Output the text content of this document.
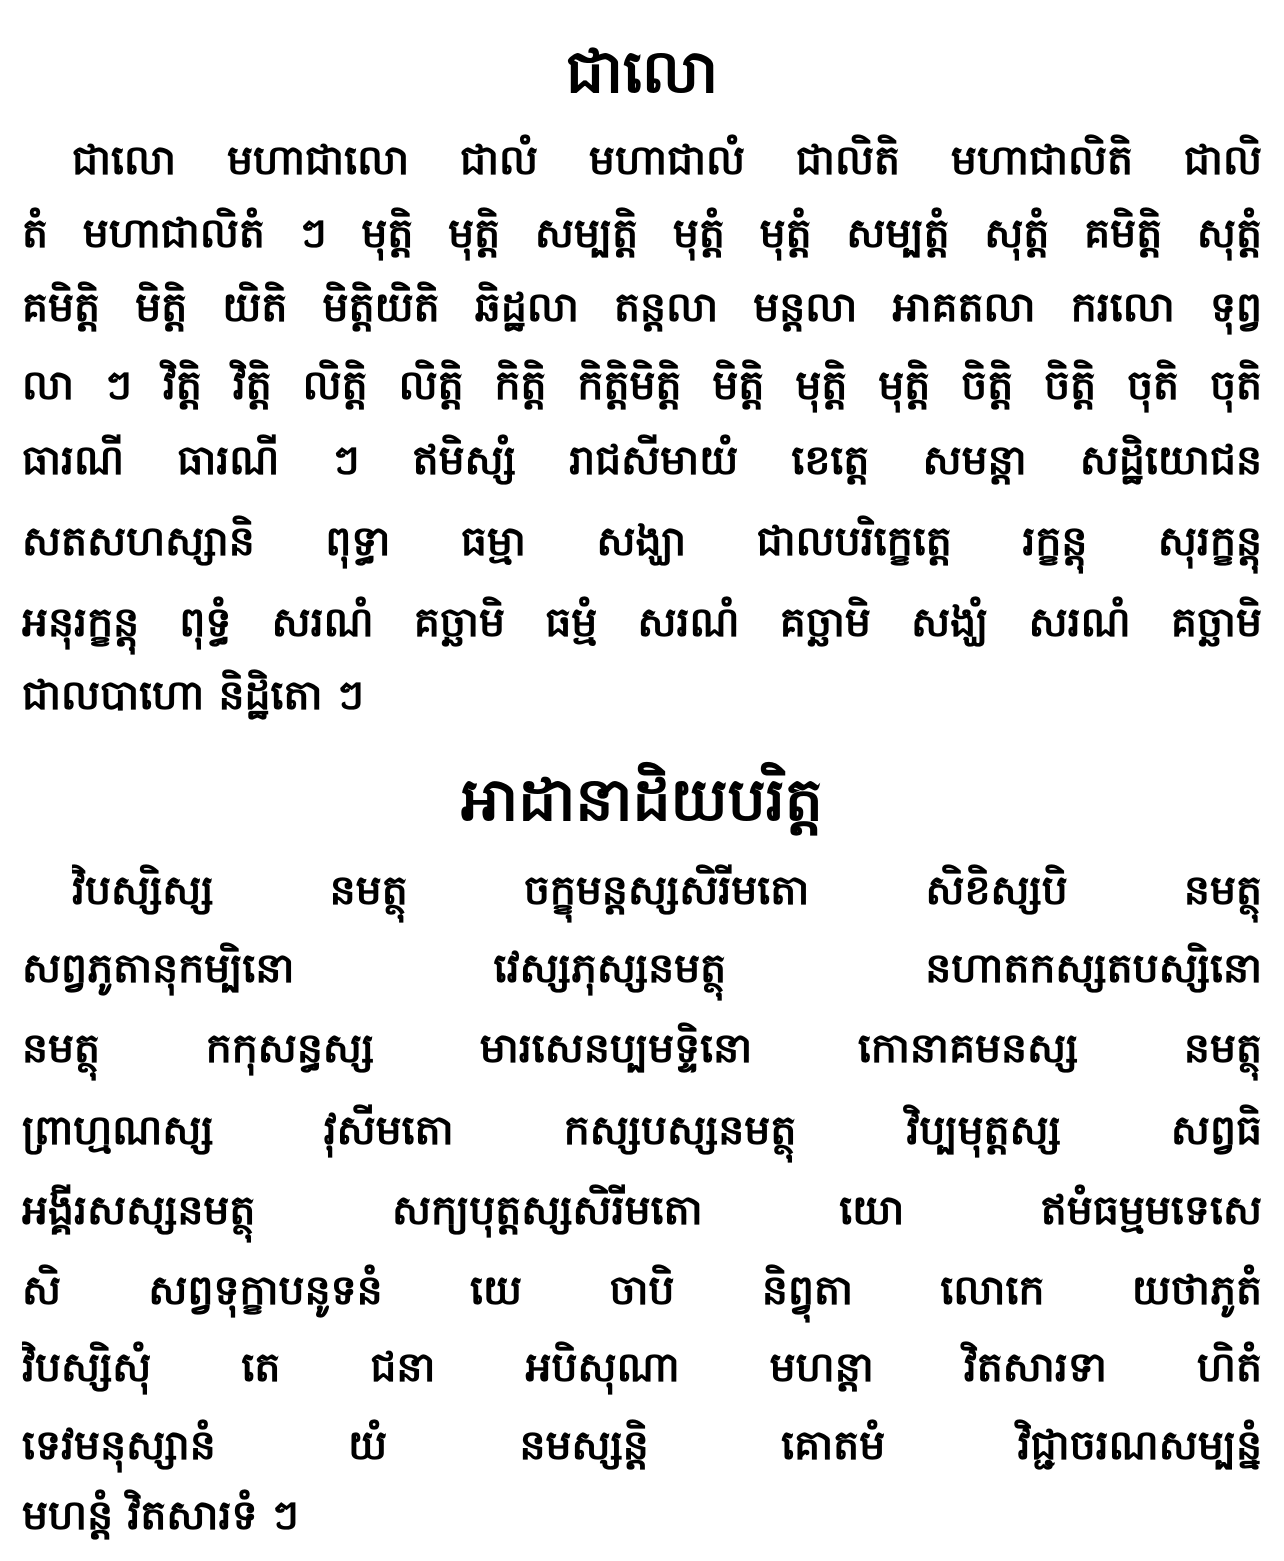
ជាលោ
ជាលោ មហាជាលោ ជាលំ មហាជាលំ ជាលិតិ មហាជាលិតិ ជាលិ
តំ មហាជាលិតំ ៗ មុត្តិ មុត្តិ សម្បត្តិ មុត្តំ មុត្តំ សម្បត្តំ សុត្តំ គមិត្តិ សុត្តំ
គមិត្តិ មិត្តិ យិតិ មិត្តិយិតិ ឆិដ្ឋលា តន្តលា មន្តលា អាគតលា ករលោ ទុព្វ
លា ៗ វិត្តិ វិត្តិ លិត្តិ លិត្តិ កិត្តិ កិត្តិមិត្តិ មិត្តិ មុត្តិ មុត្តិ ចិត្តិ ចិត្តិ ចុតិ ចុតិ
ធារណី ធារណី ៗ ឥមិស្សំ រាជសីមាយំ ខេត្តេ សមន្តា សដ្ឋិយោជន
សតសហស្សានិ ពុទ្ធា ធម្មា សង្ឃា ជាលបរិក្ខេត្តេ រក្ខន្តុ សុរក្ខន្តុ
អនុរក្ខន្តុ ពុទ្ធំ សរណំ គច្ឆាមិ ធម្មំ សរណំ គច្ឆាមិ សង្ឃំ សរណំ គច្ឆាមិ
ជាលបាហោ និដ្ឋិតោ ៗ
អាដានាដិយបរិត្ត
វិបស្សិស្ស នមត្ថុ ចក្ខុមន្តស្សសិរីមតោ សិខិស្សបិ នមត្ថុ
សព្វភូតានុកម្បិនោ វេស្សភុស្សនមត្ថុ នហាតកស្សតបស្សិនោ
នមត្ថុ កកុសន្ធស្ស មារសេនប្បមទ្ទិនោ កោនាគមនស្ស នមត្ថុ
ព្រាហ្មណស្ស វុសីមតោ កស្សបស្សនមត្ថុ វិប្បមុត្តស្ស សព្វធិ
អង្គីរសស្សនមត្ថុ សក្យបុត្តស្សសិរីមតោ យោ ឥមំធម្មមទេសេ
សិ សព្វទុក្ខាបនូទនំ យេ ចាបិ និព្វុតា លោកេ យថាភូតំ
វិបស្សិសុំ តេ ជនា អបិសុណា មហន្តា វិតសារទា ហិតំ
ទេវមនុស្សានំ យំ នមស្សន្តិ គោតមំ វិជ្ជាចរណសម្បន្នំ
មហន្តំ វិតសារទំ ៗ
